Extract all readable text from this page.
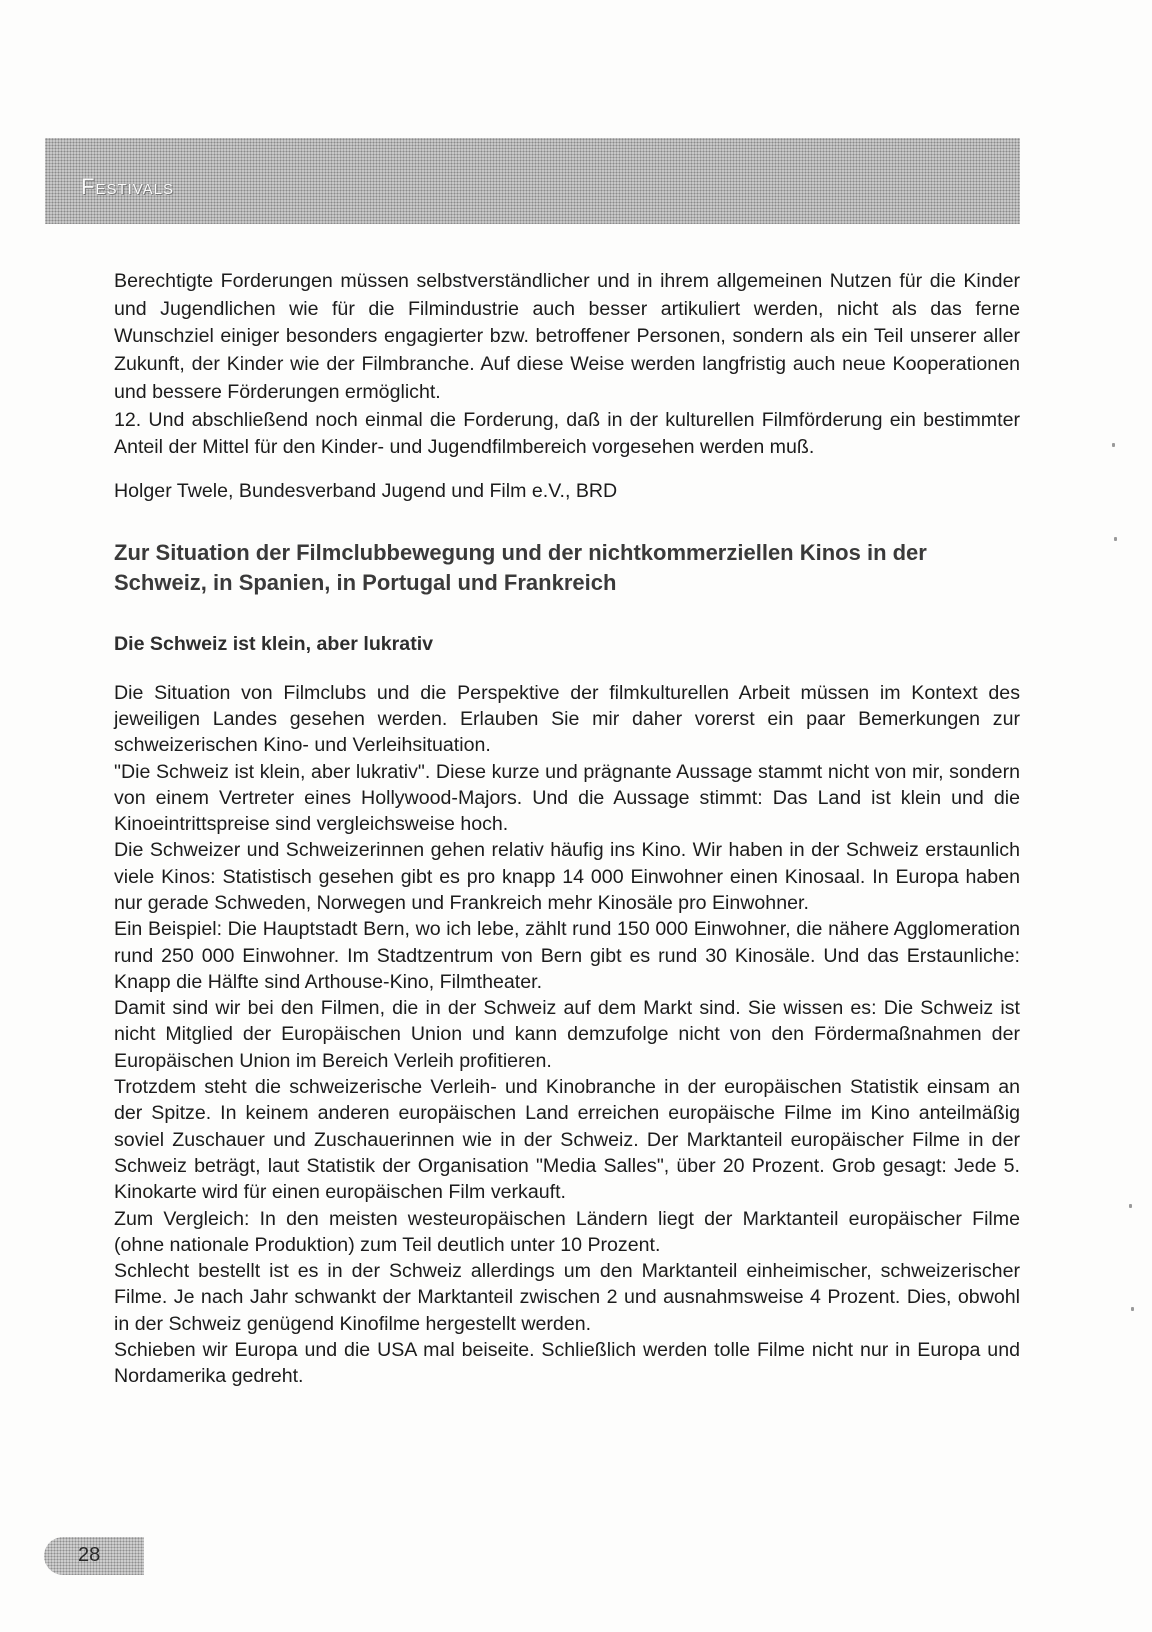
Festivals

Berechtigte Forderungen müssen selbstverständlicher und in ihrem allgemeinen Nutzen für die Kinder und Jugendlichen wie für die Filmindustrie auch besser artikuliert werden, nicht als das ferne Wunschziel einiger besonders engagierter bzw. betroffener Personen, sondern als ein Teil unserer aller Zukunft, der Kinder wie der Filmbranche. Auf diese Weise werden langfristig auch neue Kooperationen und bessere Förderungen ermöglicht.

12. Und abschließend noch einmal die Forderung, daß in der kulturellen Filmförderung ein bestimmter Anteil der Mittel für den Kinder- und Jugendfilmbereich vorgesehen werden muß.

Holger Twele, Bundesverband Jugend und Film e.V., BRD

Zur Situation der Filmclubbewegung und der nichtkommerziellen Kinos in der Schweiz, in Spanien, in Portugal und Frankreich
Die Schweiz ist klein, aber lukrativ

Die Situation von Filmclubs und die Perspektive der filmkulturellen Arbeit müssen im Kontext des jeweiligen Landes gesehen werden. Erlauben Sie mir daher vorerst ein paar Bemerkungen zur schweizerischen Kino- und Verleihsituation.

"Die Schweiz ist klein, aber lukrativ". Diese kurze und prägnante Aussage stammt nicht von mir, sondern von einem Vertreter eines Hollywood-Majors. Und die Aussage stimmt: Das Land ist klein und die Kinoeintrittspreise sind vergleichsweise hoch.

Die Schweizer und Schweizerinnen gehen relativ häufig ins Kino. Wir haben in der Schweiz erstaunlich viele Kinos: Statistisch gesehen gibt es pro knapp 14 000 Einwohner einen Kinosaal. In Europa haben nur gerade Schweden, Norwegen und Frankreich mehr Kinosäle pro Einwohner.

Ein Beispiel: Die Hauptstadt Bern, wo ich lebe, zählt rund 150 000 Einwohner, die nähere Agglomeration rund 250 000 Einwohner. Im Stadtzentrum von Bern gibt es rund 30 Kinosäle. Und das Erstaunliche: Knapp die Hälfte sind Arthouse-Kino, Filmtheater.

Damit sind wir bei den Filmen, die in der Schweiz auf dem Markt sind. Sie wissen es: Die Schweiz ist nicht Mitglied der Europäischen Union und kann demzufolge nicht von den Fördermaßnahmen der Europäischen Union im Bereich Verleih profitieren.

Trotzdem steht die schweizerische Verleih- und Kinobranche in der europäischen Statistik einsam an der Spitze. In keinem anderen europäischen Land erreichen europäische Filme im Kino anteilmäßig soviel Zuschauer und Zuschauerinnen wie in der Schweiz. Der Marktanteil europäischer Filme in der Schweiz beträgt, laut Statistik der Organisation "Media Salles", über 20 Prozent. Grob gesagt: Jede 5. Kinokarte wird für einen europäischen Film verkauft.

Zum Vergleich: In den meisten westeuropäischen Ländern liegt der Marktanteil europäischer Filme (ohne nationale Produktion) zum Teil deutlich unter 10 Prozent.

Schlecht bestellt ist es in der Schweiz allerdings um den Marktanteil einheimischer, schweizerischer Filme. Je nach Jahr schwankt der Marktanteil zwischen 2 und ausnahmsweise 4 Prozent. Dies, obwohl in der Schweiz genügend Kinofilme hergestellt werden.

Schieben wir Europa und die USA mal beiseite. Schließlich werden tolle Filme nicht nur in Europa und Nordamerika gedreht.

28
